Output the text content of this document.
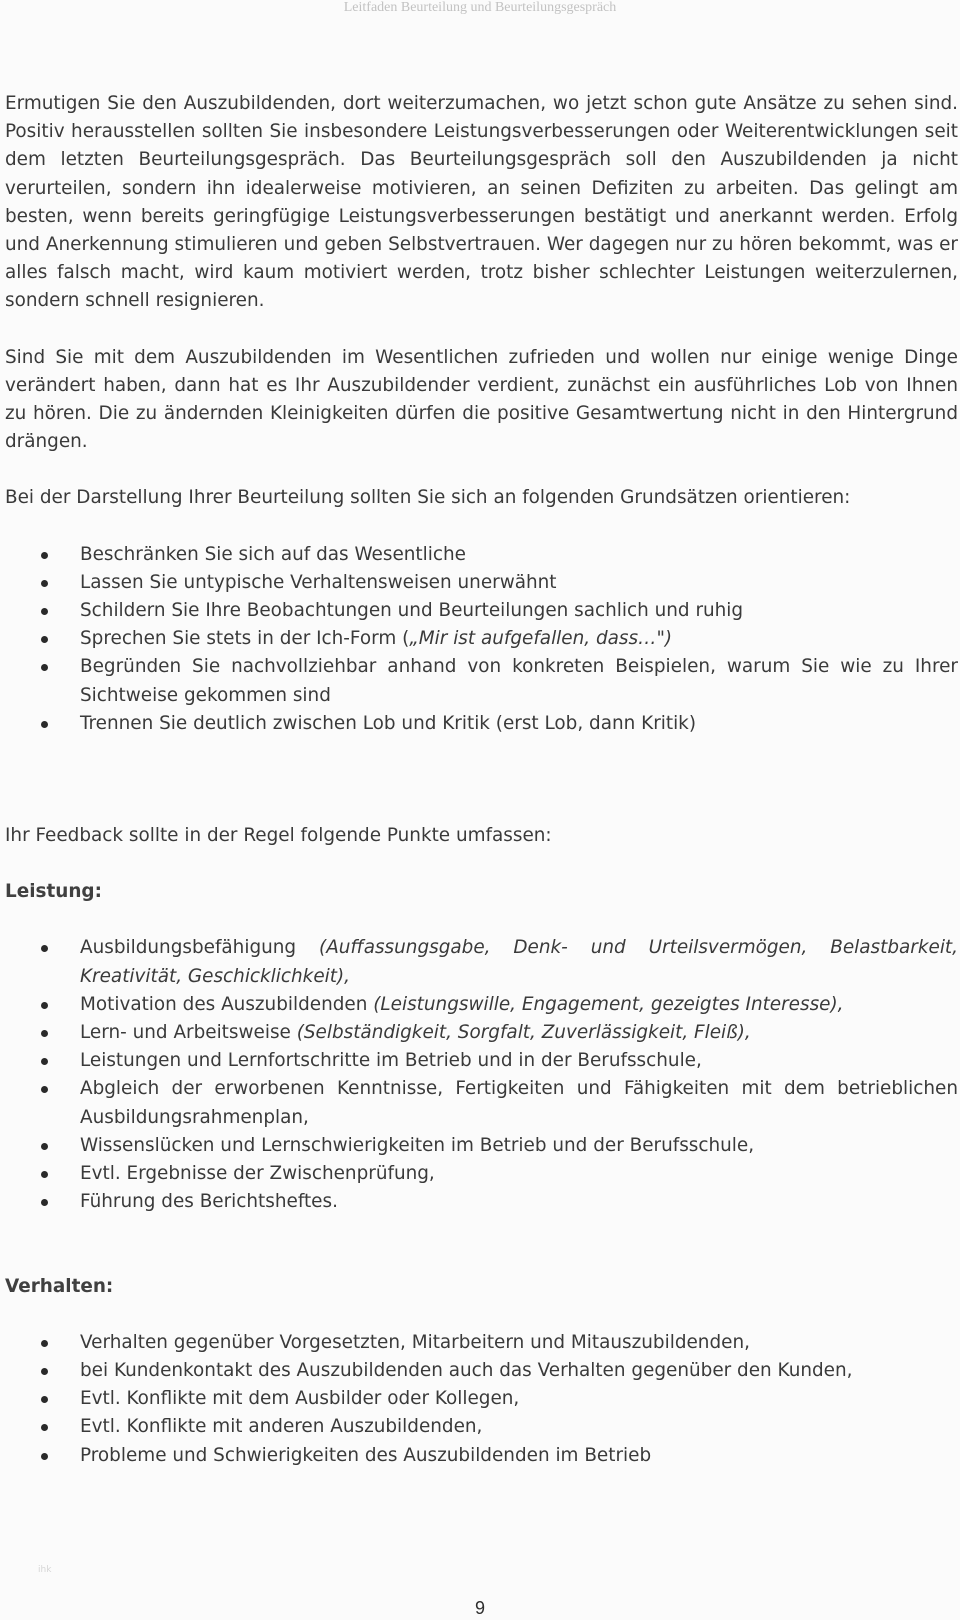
Leitfaden Beurteilung und Beurteilungsgespräch

Ermutigen Sie den Auszubildenden, dort weiterzumachen, wo jetzt schon gute Ansätze zu sehen sind. Positiv herausstellen sollten Sie insbesondere Leistungsverbesserungen oder Weiterentwicklungen seit dem letzten Beurteilungsgespräch. Das Beurteilungsgespräch soll den Auszubildenden ja nicht verurteilen, sondern ihn idealerweise motivieren, an seinen Defiziten zu arbeiten. Das gelingt am besten, wenn bereits geringfügige Leistungsverbesserungen bestätigt und anerkannt werden. Erfolg und Anerkennung stimulieren und geben Selbstvertrauen. Wer dagegen nur zu hören bekommt, was er alles falsch macht, wird kaum motiviert werden, trotz bisher schlechter Leistungen weiterzulernen, sondern schnell resignieren.

Sind Sie mit dem Auszubildenden im Wesentlichen zufrieden und wollen nur einige wenige Dinge verändert haben, dann hat es Ihr Auszubildender verdient, zunächst ein ausführliches Lob von Ihnen zu hören. Die zu ändernden Kleinigkeiten dürfen die positive Gesamtwertung nicht in den Hintergrund drängen.

Bei der Darstellung Ihrer Beurteilung sollten Sie sich an folgenden Grundsätzen orientieren:

Beschränken Sie sich auf das Wesentliche
Lassen Sie untypische Verhaltensweisen unerwähnt
Schildern Sie Ihre Beobachtungen und Beurteilungen sachlich und ruhig
Sprechen Sie stets in der Ich-Form („Mir ist aufgefallen, dass…")
Begründen Sie nachvollziehbar anhand von konkreten Beispielen, warum Sie wie zu Ihrer Sichtweise gekommen sind
Trennen Sie deutlich zwischen Lob und Kritik (erst Lob, dann Kritik)

Ihr Feedback sollte in der Regel folgende Punkte umfassen:

Leistung:
Ausbildungsbefähigung (Auffassungsgabe, Denk- und Urteilsvermögen, Belastbarkeit, Kreativität, Geschicklichkeit),
Motivation des Auszubildenden (Leistungswille, Engagement, gezeigtes Interesse),
Lern- und Arbeitsweise (Selbständigkeit, Sorgfalt, Zuverlässigkeit, Fleiß),
Leistungen und Lernfortschritte im Betrieb und in der Berufsschule,
Abgleich der erworbenen Kenntnisse, Fertigkeiten und Fähigkeiten mit dem betrieblichen Ausbildungsrahmenplan,
Wissenslücken und Lernschwierigkeiten im Betrieb und der Berufsschule,
Evtl. Ergebnisse der Zwischenprüfung,
Führung des Berichtsheftes.
Verhalten:
Verhalten gegenüber Vorgesetzten, Mitarbeitern und Mitauszubildenden,
bei Kundenkontakt des Auszubildenden auch das Verhalten gegenüber den Kunden,
Evtl. Konflikte mit dem Ausbilder oder Kollegen,
Evtl. Konflikte mit anderen Auszubildenden,
Probleme und Schwierigkeiten des Auszubildenden im Betrieb
ihk
9
